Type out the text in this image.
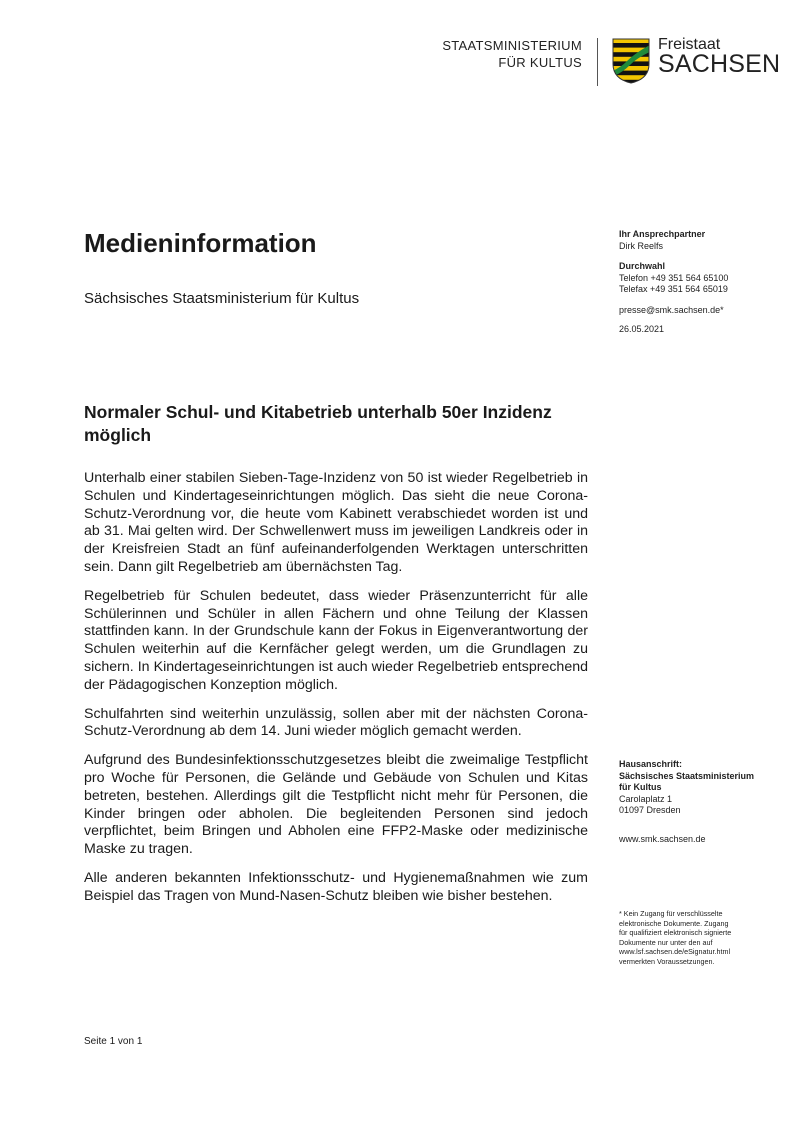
STAATSMINISTERIUM
FÜR KULTUS
Freistaat
SACHSEN
Medieninformation
Sächsisches Staatsministerium für Kultus
Ihr Ansprechpartner
Dirk Reelfs
Durchwahl
Telefon +49 351 564 65100
Telefax +49 351 564 65019
presse@smk.sachsen.de*
26.05.2021
Normaler Schul- und Kitabetrieb unterhalb 50er Inzidenz möglich

Unterhalb einer stabilen Sieben-Tage-Inzidenz von 50 ist wieder Regelbetrieb in Schulen und Kindertageseinrichtungen möglich. Das sieht die neue Corona-Schutz-Verordnung vor, die heute vom Kabinett verabschiedet worden ist und ab 31. Mai gelten wird. Der Schwellenwert muss im jeweiligen Landkreis oder in der Kreisfreien Stadt an fünf aufeinanderfolgenden Werktagen unterschritten sein. Dann gilt Regelbetrieb am übernächsten Tag.

Regelbetrieb für Schulen bedeutet, dass wieder Präsenzunterricht für alle Schülerinnen und Schüler in allen Fächern und ohne Teilung der Klassen stattfinden kann. In der Grundschule kann der Fokus in Eigenverantwortung der Schulen weiterhin auf die Kernfächer gelegt werden, um die Grundlagen zu sichern. In Kindertageseinrichtungen ist auch wieder Regelbetrieb entsprechend der Pädagogischen Konzeption möglich.

Schulfahrten sind weiterhin unzulässig, sollen aber mit der nächsten Corona-Schutz-Verordnung ab dem 14. Juni wieder möglich gemacht werden.

Aufgrund des Bundesinfektionsschutzgesetzes bleibt die zweimalige Testpflicht pro Woche für Personen, die Gelände und Gebäude von Schulen und Kitas betreten, bestehen. Allerdings gilt die Testpflicht nicht mehr für Personen, die Kinder bringen oder abholen. Die begleitenden Personen sind jedoch verpflichtet, beim Bringen und Abholen eine FFP2-Maske oder medizinische Maske zu tragen.

Alle anderen bekannten Infektionsschutz- und Hygienemaßnahmen wie zum Beispiel das Tragen von Mund-Nasen-Schutz bleiben wie bisher bestehen.

Hausanschrift:
Sächsisches Staatsministerium
für Kultus
Carolaplatz 1
01097 Dresden
www.smk.sachsen.de
* Kein Zugang für verschlüsselte
elektronische Dokumente. Zugang
für qualifiziert elektronisch signierte
Dokumente nur unter den auf
www.lsf.sachsen.de/eSignatur.html
vermerkten Voraussetzungen.
Seite 1 von 1
